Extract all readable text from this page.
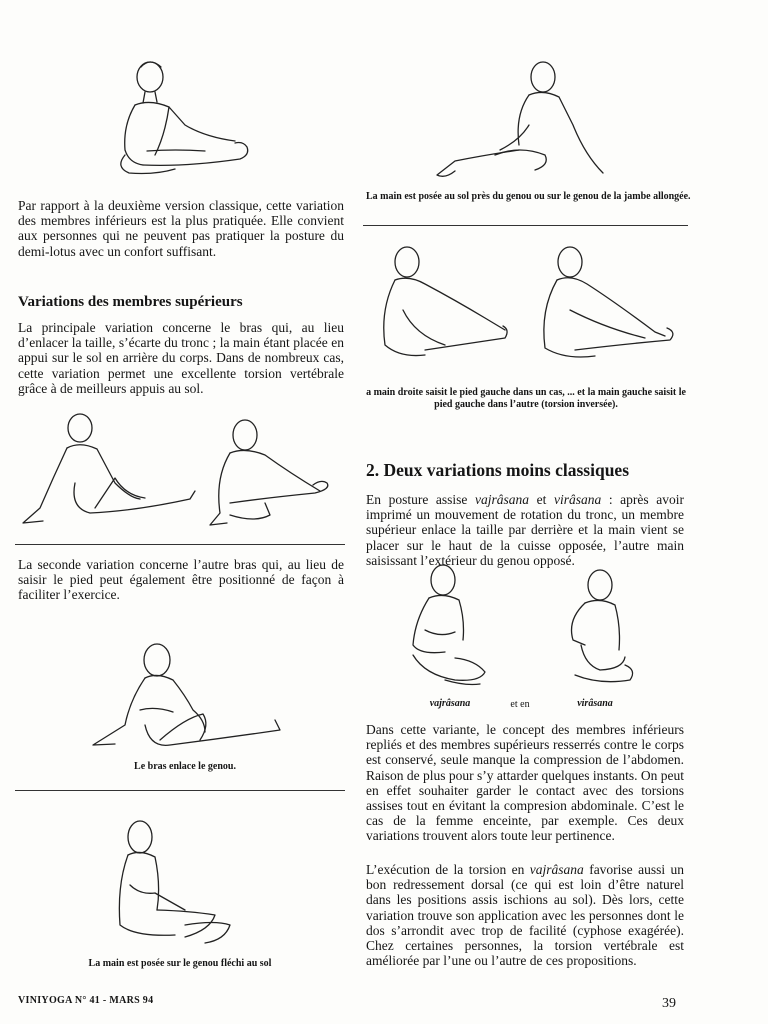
Par rapport à la deuxième version classique, cette variation des membres inférieurs est la plus pratiquée. Elle convient aux personnes qui ne peuvent pas pratiquer la posture du demi-lotus avec un confort suffisant.

Variations des membres supérieurs

La principale variation concerne le bras qui, au lieu d’enlacer la taille, s’écarte du tronc ; la main étant placée en appui sur le sol en arrière du corps. Dans de nombreux cas, cette variation permet une excellente torsion vertébrale grâce à de meilleurs appuis au sol.

La seconde variation concerne l’autre bras qui, au lieu de saisir le pied peut également être positionné de façon à faciliter l’exercice.

Le bras enlace le genou.

La main est posée sur le genou fléchi au sol

La main est posée au sol près du genou ou sur le genou de la jambe allongée.

a main droite saisit le pied gauche dans un cas, ... et la main gauche saisit le pied gauche dans l’autre (torsion inversée).

2. Deux variations moins classiques

En posture assise vajrâsana et virâsana : après avoir imprimé un mouvement de rotation du tronc, un membre supérieur enlace la taille par derrière et la main vient se placer sur le haut de la cuisse opposée, l’autre main saisissant l’extérieur du genou opposé.

vajrâsana	et en	virâsana

Dans cette variante, le concept des membres inférieurs repliés et des membres supérieurs resserrés contre le corps est conservé, seule manque la compression de l’abdomen. Raison de plus pour s’y attarder quelques instants. On peut en effet souhaiter garder le contact avec des torsions assises tout en évitant la compresion abdominale. C’est le cas de la femme enceinte, par exemple. Ces deux variations trouvent alors toute leur pertinence.

L’exécution de la torsion en vajrâsana favorise aussi un bon redressement dorsal (ce qui est loin d’être naturel dans les positions assis ischions au sol). Dès lors, cette variation trouve son application avec les personnes dont le dos s’arrondit avec trop de facilité (cyphose exagérée). Chez certaines personnes, la torsion vertébrale est améliorée par l’une ou l’autre de ces propositions.

VINIYOGA N° 41 - MARS 94	39
